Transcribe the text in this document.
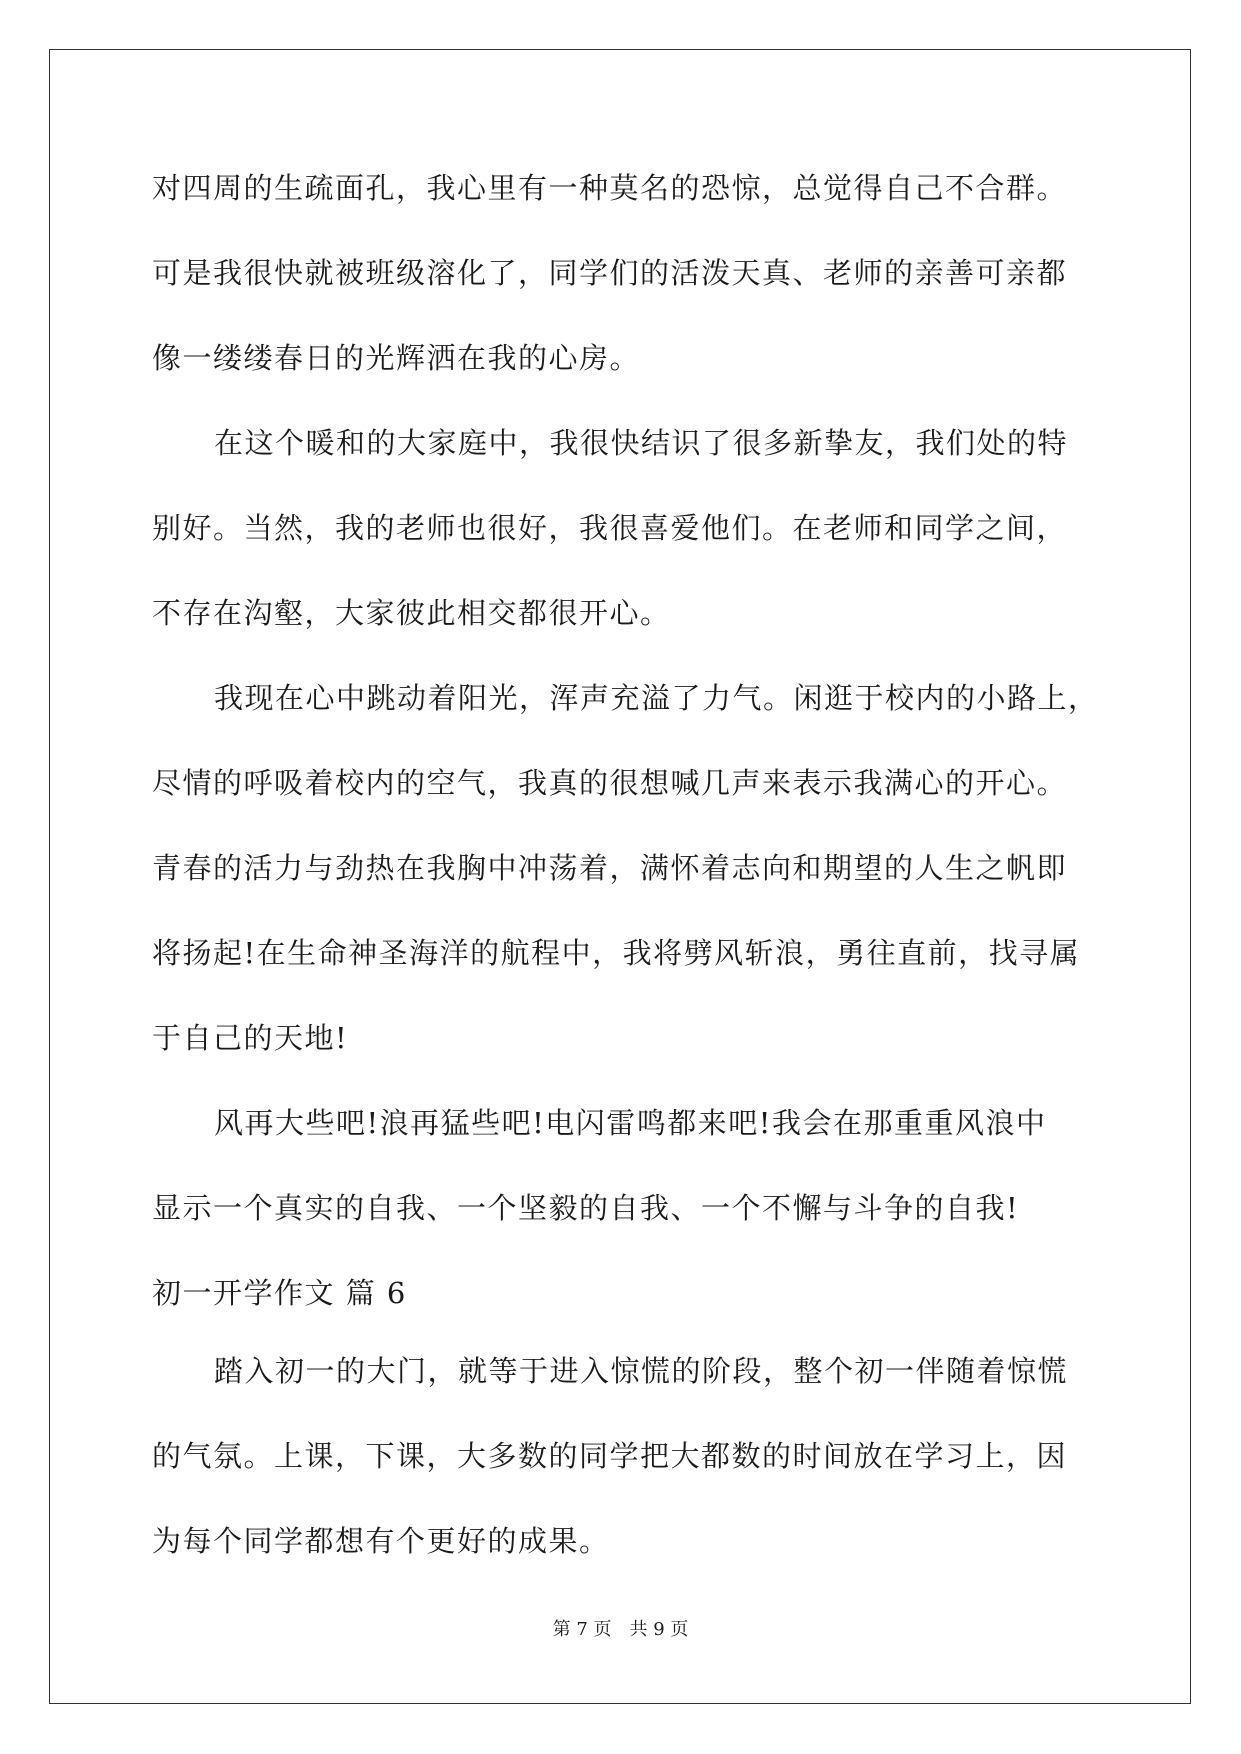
对四周的生疏面孔，我心里有一种莫名的恐惊，总觉得自己不合群。
可是我很快就被班级溶化了，同学们的活泼天真、老师的亲善可亲都
像一缕缕春日的光辉洒在我的心房。
在这个暖和的大家庭中，我很快结识了很多新挚友，我们处的特
别好。当然，我的老师也很好，我很喜爱他们。在老师和同学之间，
不存在沟壑，大家彼此相交都很开心。
我现在心中跳动着阳光，浑声充溢了力气。闲逛于校内的小路上，
尽情的呼吸着校内的空气，我真的很想喊几声来表示我满心的开心。
青春的活力与劲热在我胸中冲荡着，满怀着志向和期望的人生之帆即
将扬起!在生命神圣海洋的航程中，我将劈风斩浪，勇往直前，找寻属
于自己的天地!
风再大些吧!浪再猛些吧!电闪雷鸣都来吧!我会在那重重风浪中
显示一个真实的自我、一个坚毅的自我、一个不懈与斗争的自我!
初一开学作文 篇 6
踏入初一的大门，就等于进入惊慌的阶段，整个初一伴随着惊慌
的气氛。上课，下课，大多数的同学把大都数的时间放在学习上，因
为每个同学都想有个更好的成果。
第 7 页 共 9 页
